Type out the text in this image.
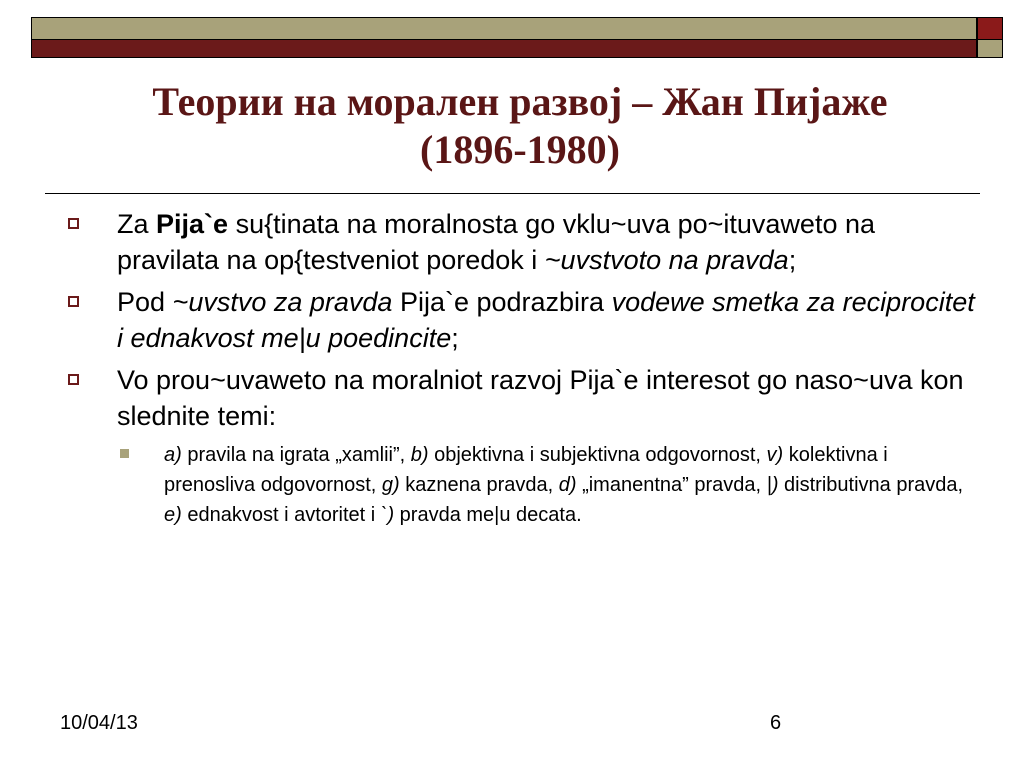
Теории на морален развој – Жан Пијаже
(1896-1980)
Za Pija`e su{tinata na moralnosta go vklu~uva po~ituvaweto na pravilata na op{testveniot poredok i ~uvstvoto na pravda;
Pod ~uvstvo za pravda Pija`e podrazbira vodewe smetka za reciprocitet i ednakvost me|u poedincite;
Vo prou~uvaweto na moralniot razvoj Pija`e interesot go naso~uva kon slednite temi:
a) pravila na igrata „xamlii”, b) objektivna i subjektivna odgovornost, v) kolektivna i prenosliva odgovornost, g) kaznena pravda, d) „imanentna” pravda, |) distributivna pravda, e) ednakvost i avtoritet i `) pravda me|u decata.
10/04/13	6
